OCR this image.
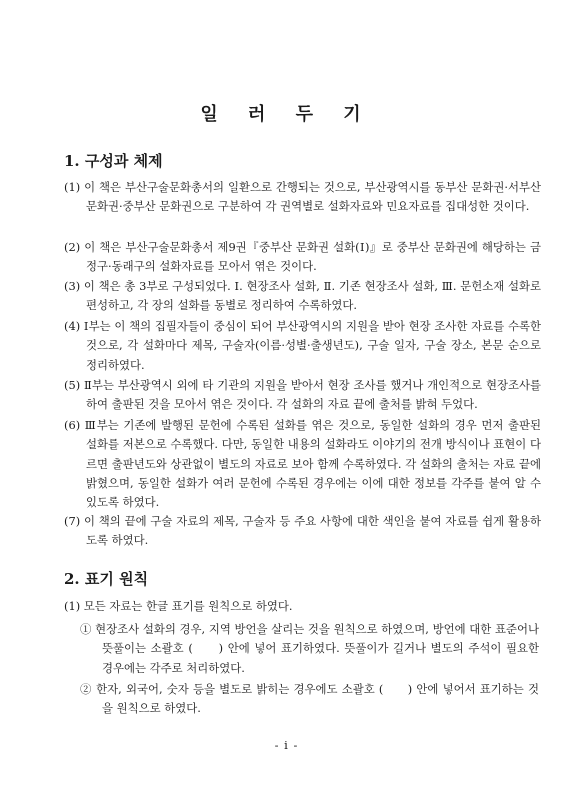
일 러 두 기
1. 구성과 체제

(1) 이 책은 부산구술문화총서의 일환으로 간행되는 것으로, 부산광역시를 동부산 문화권·서부산 문화권·중부산 문화권으로 구분하여 각 권역별로 설화자료와 민요자료를 집대성한 것이다.

(2) 이 책은 부산구술문화총서 제9권『중부산 문화권 설화(Ⅰ)』로 중부산 문화권에 해당하는 금정구·동래구의 설화자료를 모아서 엮은 것이다.

(3) 이 책은 총 3부로 구성되었다. Ⅰ. 현장조사 설화, Ⅱ. 기존 현장조사 설화, Ⅲ. 문헌소재 설화로 편성하고, 각 장의 설화를 동별로 정리하여 수록하였다.

(4) Ⅰ부는 이 책의 집필자들이 중심이 되어 부산광역시의 지원을 받아 현장 조사한 자료를 수록한 것으로, 각 설화마다 제목, 구술자(이름·성별·출생년도), 구술 일자, 구술 장소, 본문 순으로 정리하였다.

(5) Ⅱ부는 부산광역시 외에 타 기관의 지원을 받아서 현장 조사를 했거나 개인적으로 현장조사를 하여 출판된 것을 모아서 엮은 것이다. 각 설화의 자료 끝에 출처를 밝혀 두었다.

(6) Ⅲ부는 기존에 발행된 문헌에 수록된 설화를 엮은 것으로, 동일한 설화의 경우 먼저 출판된 설화를 저본으로 수록했다. 다만, 동일한 내용의 설화라도 이야기의 전개 방식이나 표현이 다르면 출판년도와 상관없이 별도의 자료로 보아 함께 수록하였다. 각 설화의 출처는 자료 끝에 밝혔으며, 동일한 설화가 여러 문헌에 수록된 경우에는 이에 대한 정보를 각주를 붙여 알 수 있도록 하였다.

(7) 이 책의 끝에 구술 자료의 제목, 구술자 등 주요 사항에 대한 색인을 붙여 자료를 쉽게 활용하도록 하였다.

2. 표기 원칙

(1) 모든 자료는 한글 표기를 원칙으로 하였다.

① 현장조사 설화의 경우, 지역 방언을 살리는 것을 원칙으로 하였으며, 방언에 대한 표준어나 뜻풀이는 소괄호 (　　) 안에 넣어 표기하였다. 뜻풀이가 길거나 별도의 주석이 필요한 경우에는 각주로 처리하였다.

② 한자, 외국어, 숫자 등을 별도로 밝히는 경우에도 소괄호 (　　) 안에 넣어서 표기하는 것을 원칙으로 하였다.

- i -
